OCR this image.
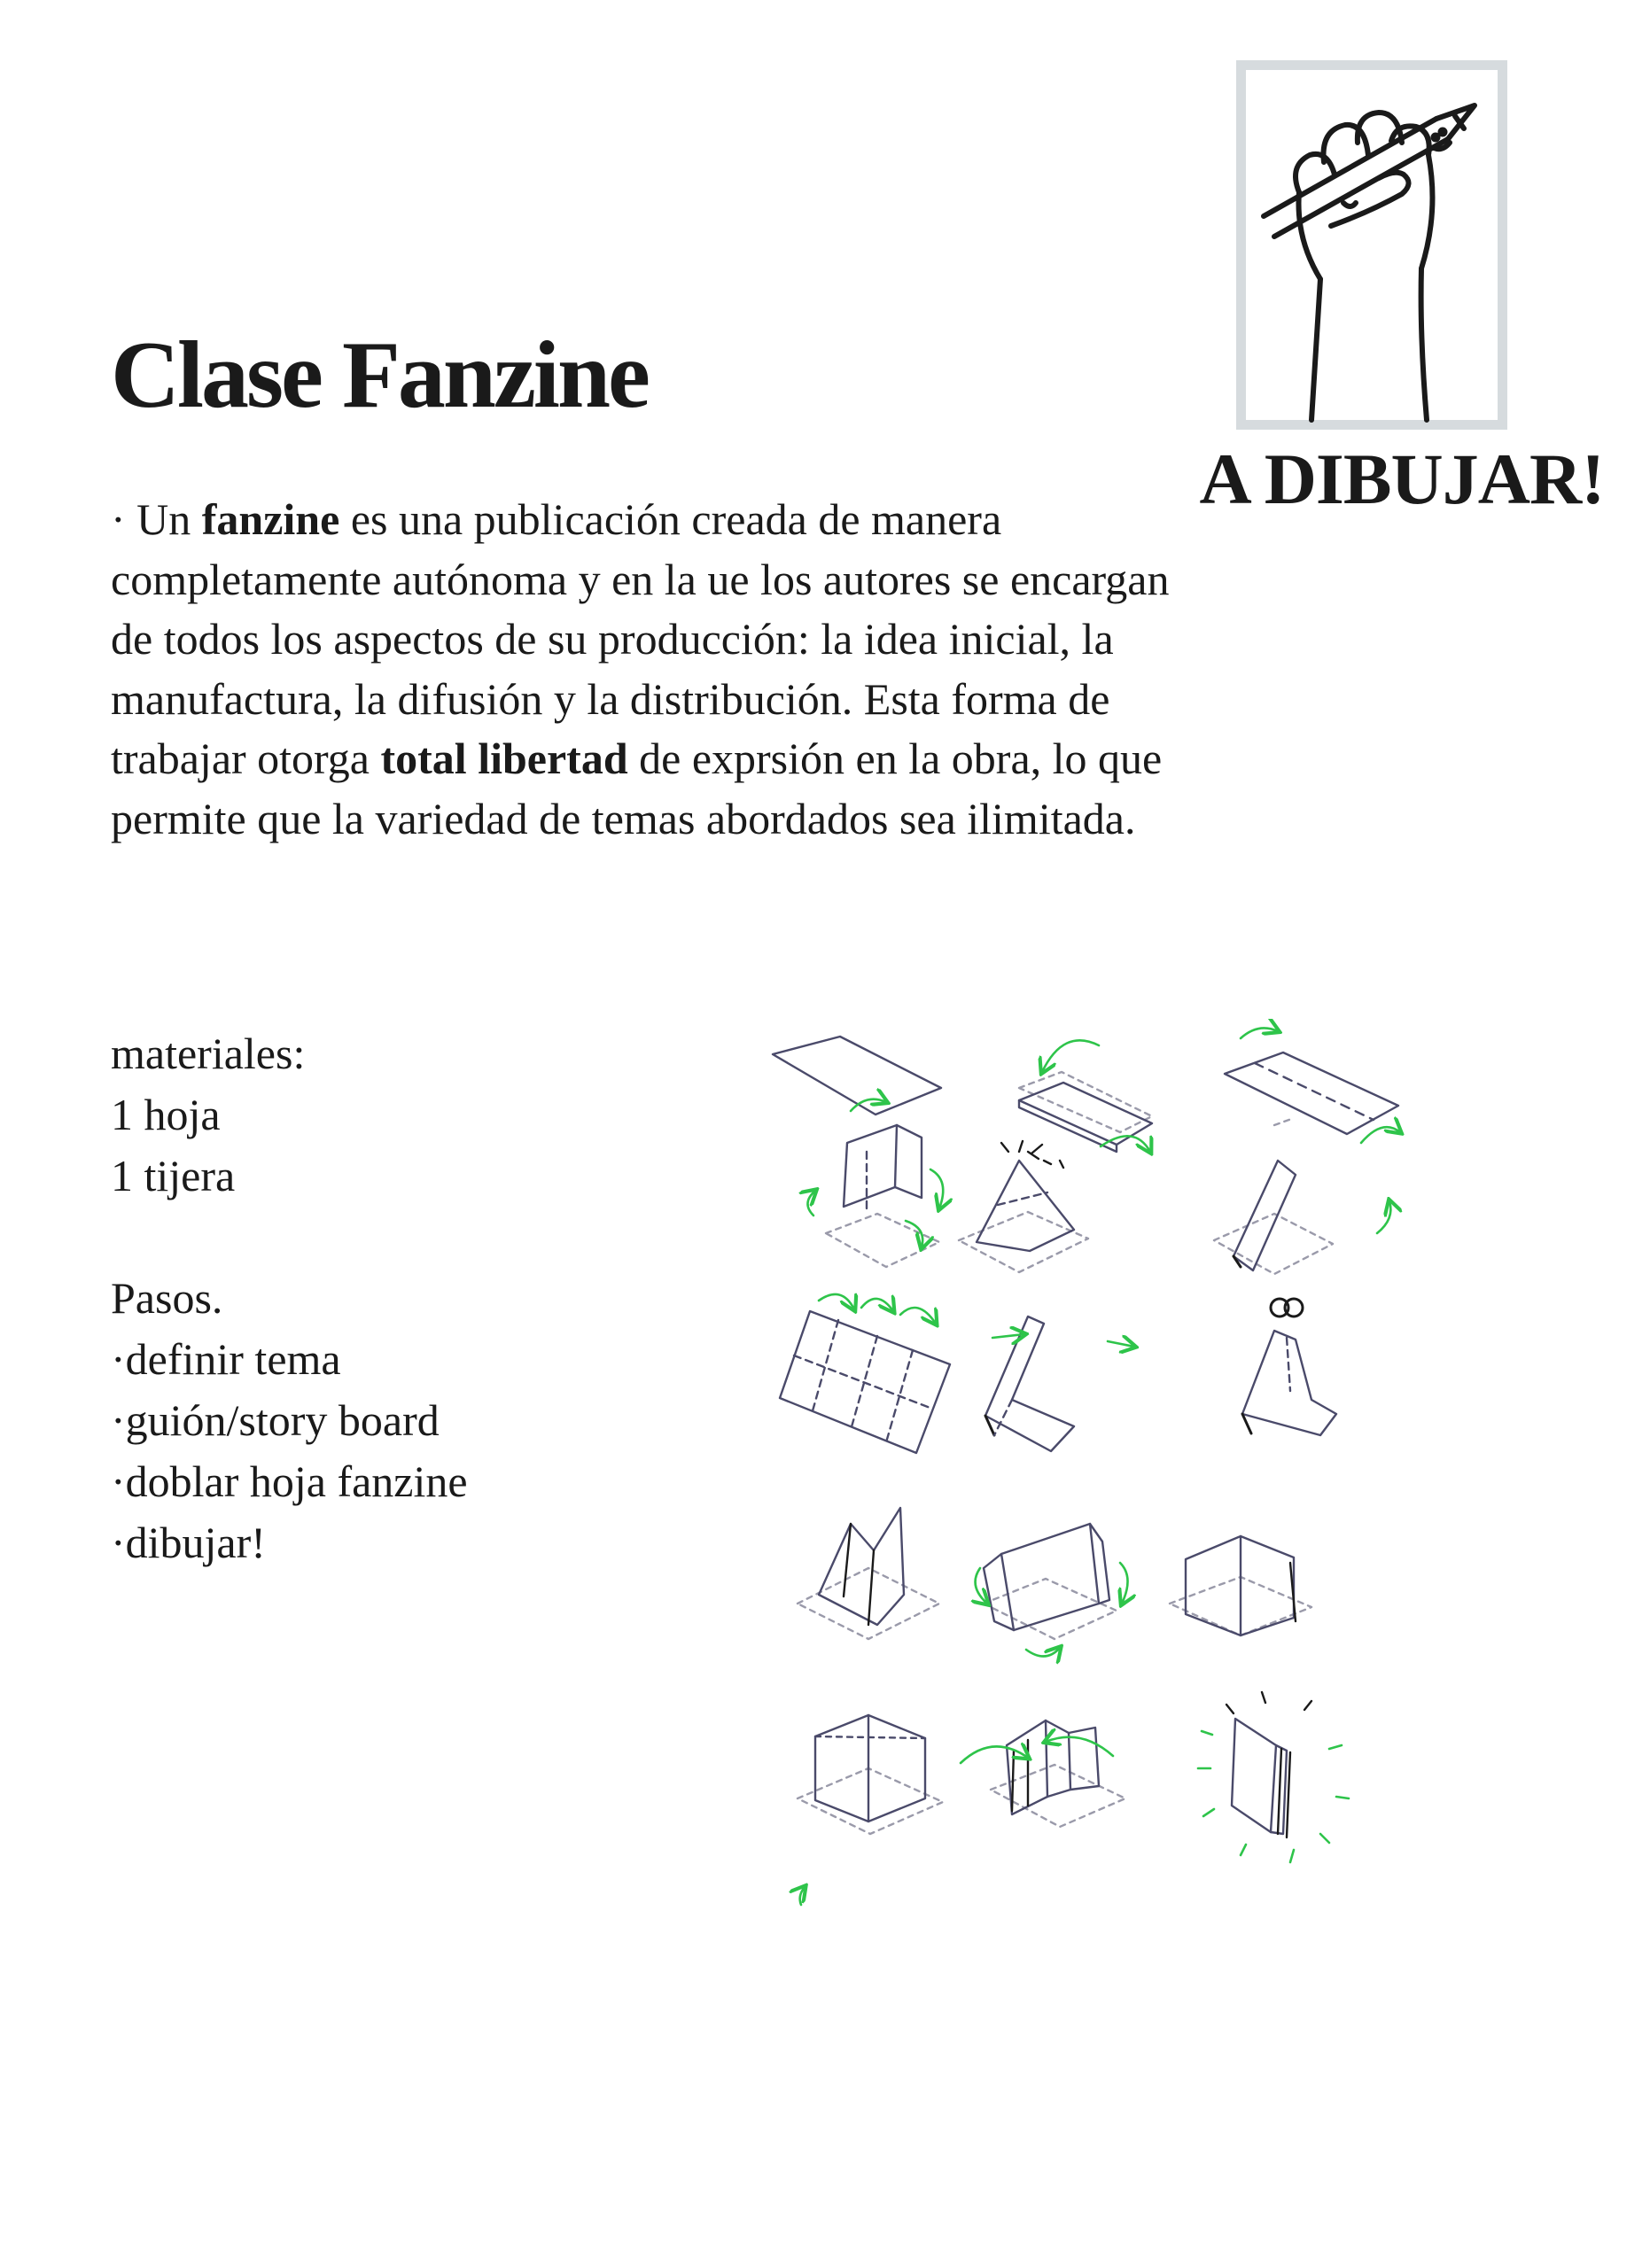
Clase Fanzine

· Un fanzine es una publicación creada de manera completamente autónoma y en la ue los autores se encargan de todos los aspectos de su producción: la idea inicial, la manufactura, la difusión y la distribución. Esta forma de trabajar otorga total libertad de exprsión en la obra, lo que permite que la variedad de temas abordados sea ilimitada.

materiales:
1 hoja
1 tijera
Pasos.
·definir tema
·guión/story board
·doblar hoja fanzine
·dibujar!
A DIBUJAR!
